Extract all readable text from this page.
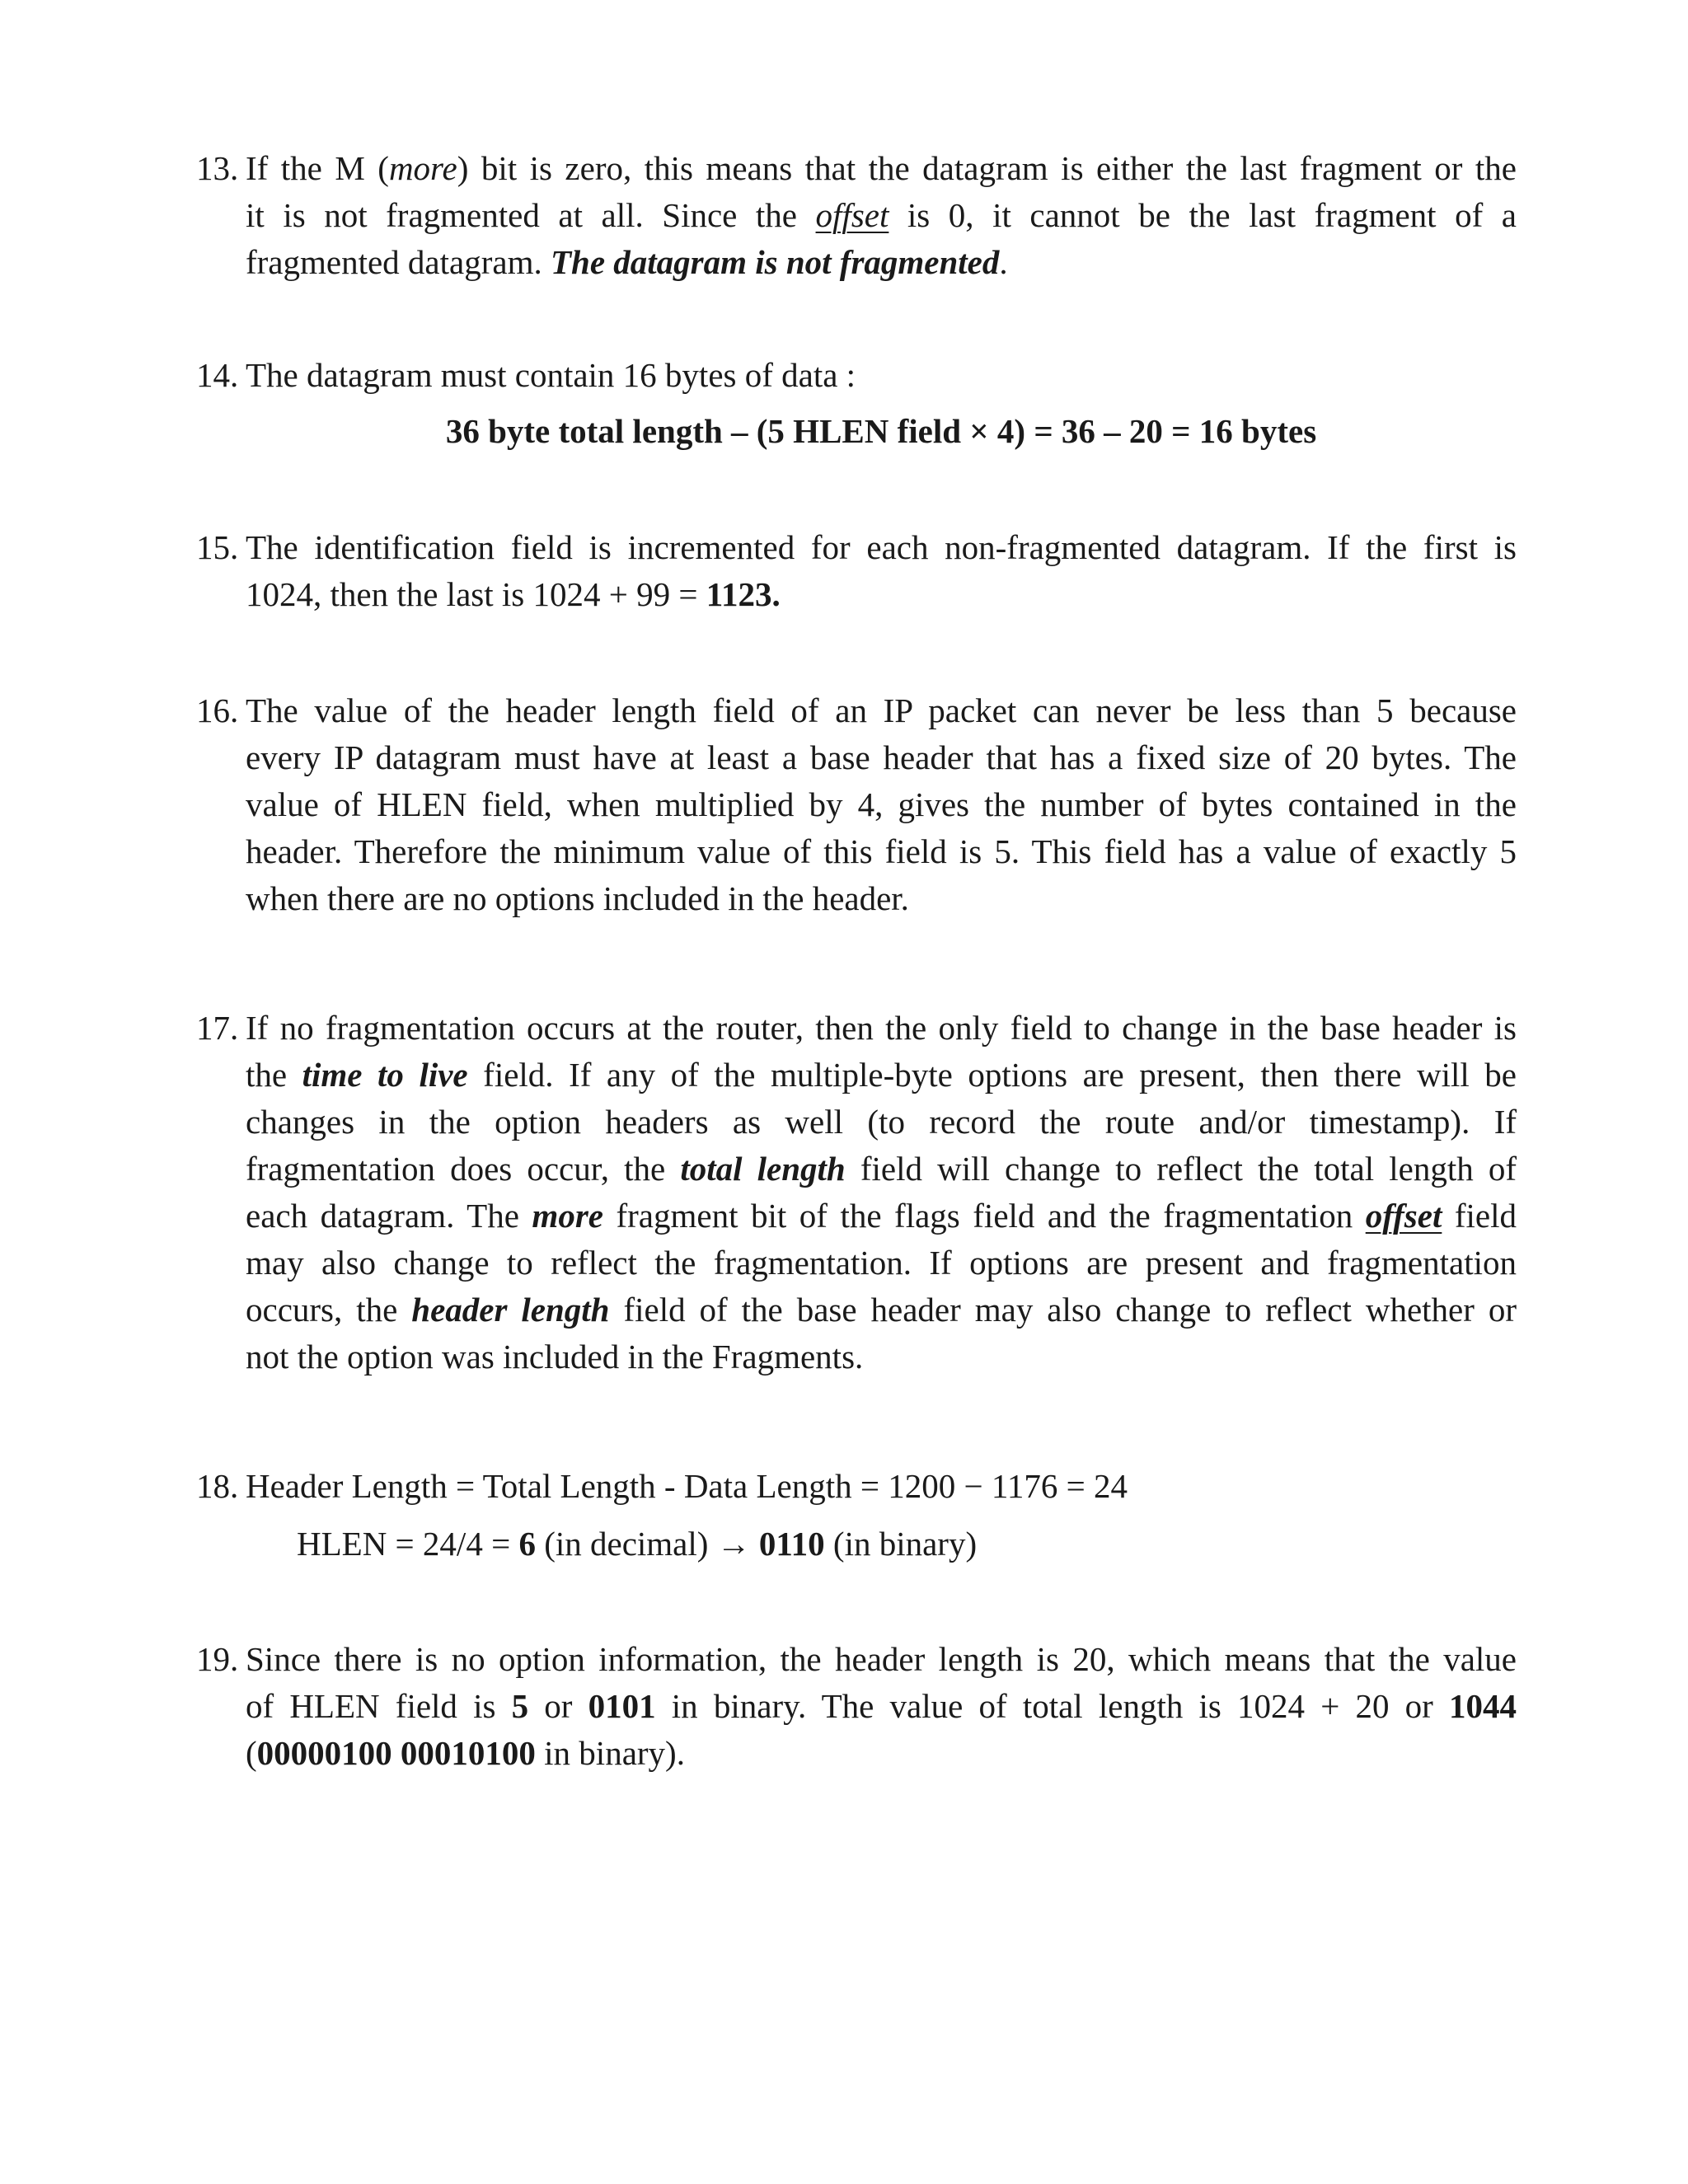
13. If the M (more) bit is zero, this means that the datagram is either the last fragment or the
it is not fragmented at all. Since the offset is 0, it cannot be the last fragment of a
fragmented datagram. The datagram is not fragmented.
14. The datagram must contain 16 bytes of data :
36 byte total length – (5 HLEN field × 4) = 36 – 20 = 16 bytes
15. The identification field is incremented for each non-fragmented datagram. If the first is
1024, then the last is 1024 + 99 = 1123.
16. The value of the header length field of an IP packet can never be less than 5 because
every IP datagram must have at least a base header that has a fixed size of 20 bytes. The
value of HLEN field, when multiplied by 4, gives the number of bytes contained in the
header. Therefore the minimum value of this field is 5. This field has a value of exactly 5
when there are no options included in the header.
17. If no fragmentation occurs at the router, then the only field to change in the base header is
the time to live field. If any of the multiple-byte options are present, then there will be
changes in the option headers as well (to record the route and/or timestamp). If
fragmentation does occur, the total length field will change to reflect the total length of
each datagram. The more fragment bit of the flags field and the fragmentation offset field
may also change to reflect the fragmentation. If options are present and fragmentation
occurs, the header length field of the base header may also change to reflect whether or
not the option was included in the Fragments.
18. Header Length = Total Length - Data Length = 1200 − 1176 = 24
HLEN = 24/4 = 6 (in decimal) → 0110 (in binary)
19. Since there is no option information, the header length is 20, which means that the value
of HLEN field is 5 or 0101 in binary. The value of total length is 1024 + 20 or 1044
(00000100 00010100 in binary).
